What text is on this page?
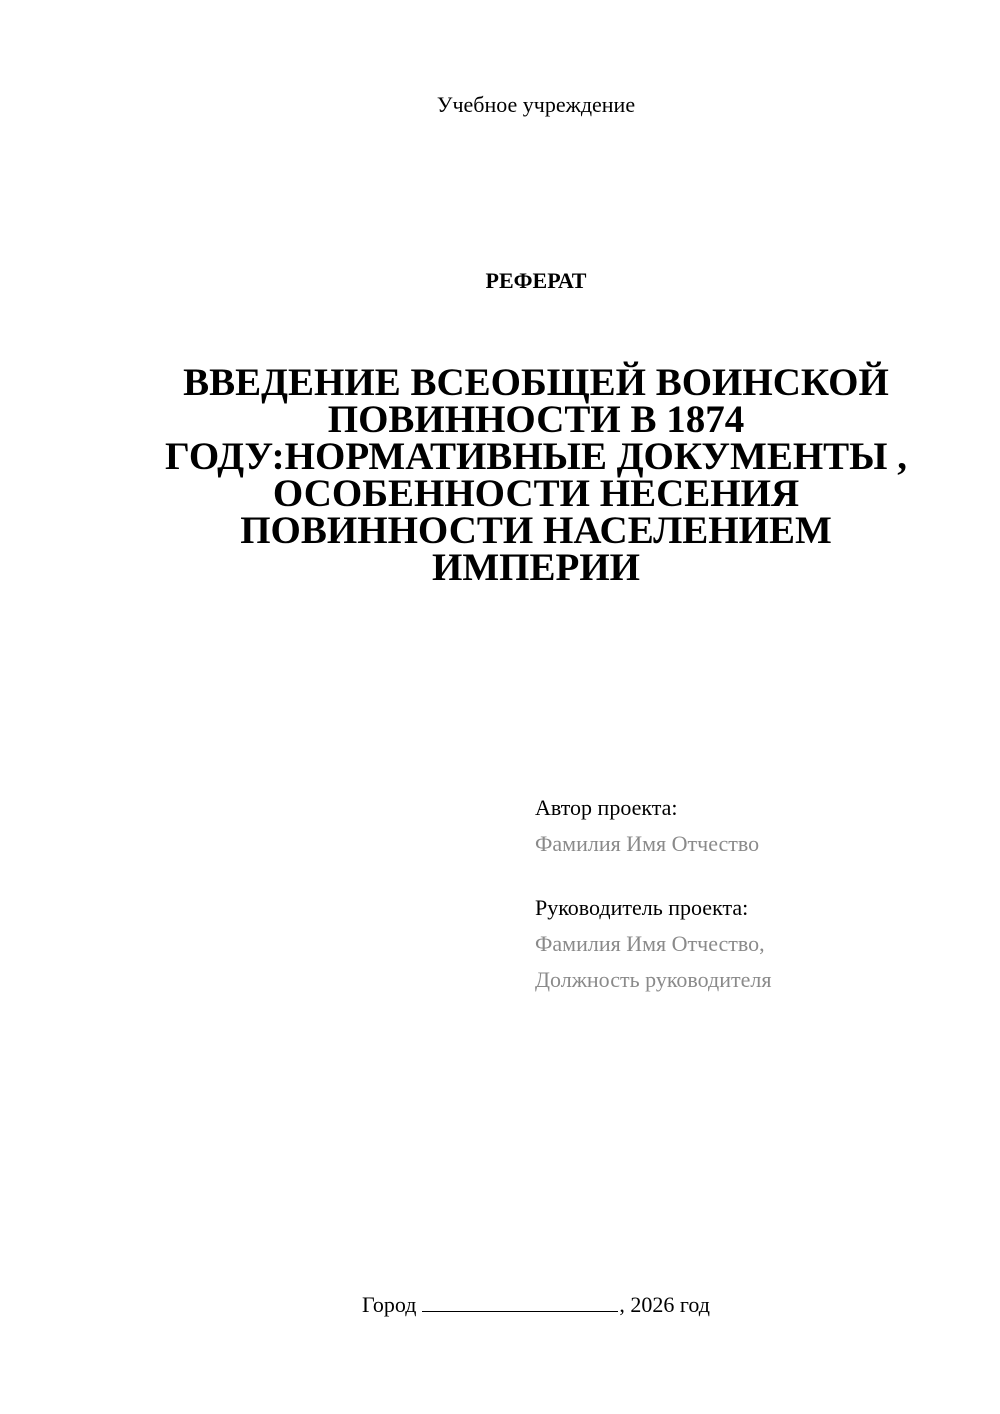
Учебное учреждение
РЕФЕРАТ
ВВЕДЕНИЕ ВСЕОБЩЕЙ ВОИНСКОЙ
ПОВИННОСТИ В 1874
ГОДУ:НОРМАТИВНЫЕ ДОКУМЕНТЫ ,
ОСОБЕННОСТИ НЕСЕНИЯ
ПОВИННОСТИ НАСЕЛЕНИЕМ
ИМПЕРИИ
Автор проекта:
Фамилия Имя Отчество
Руководитель проекта:
Фамилия Имя Отчество,
Должность руководителя
Город	, 2026 год
